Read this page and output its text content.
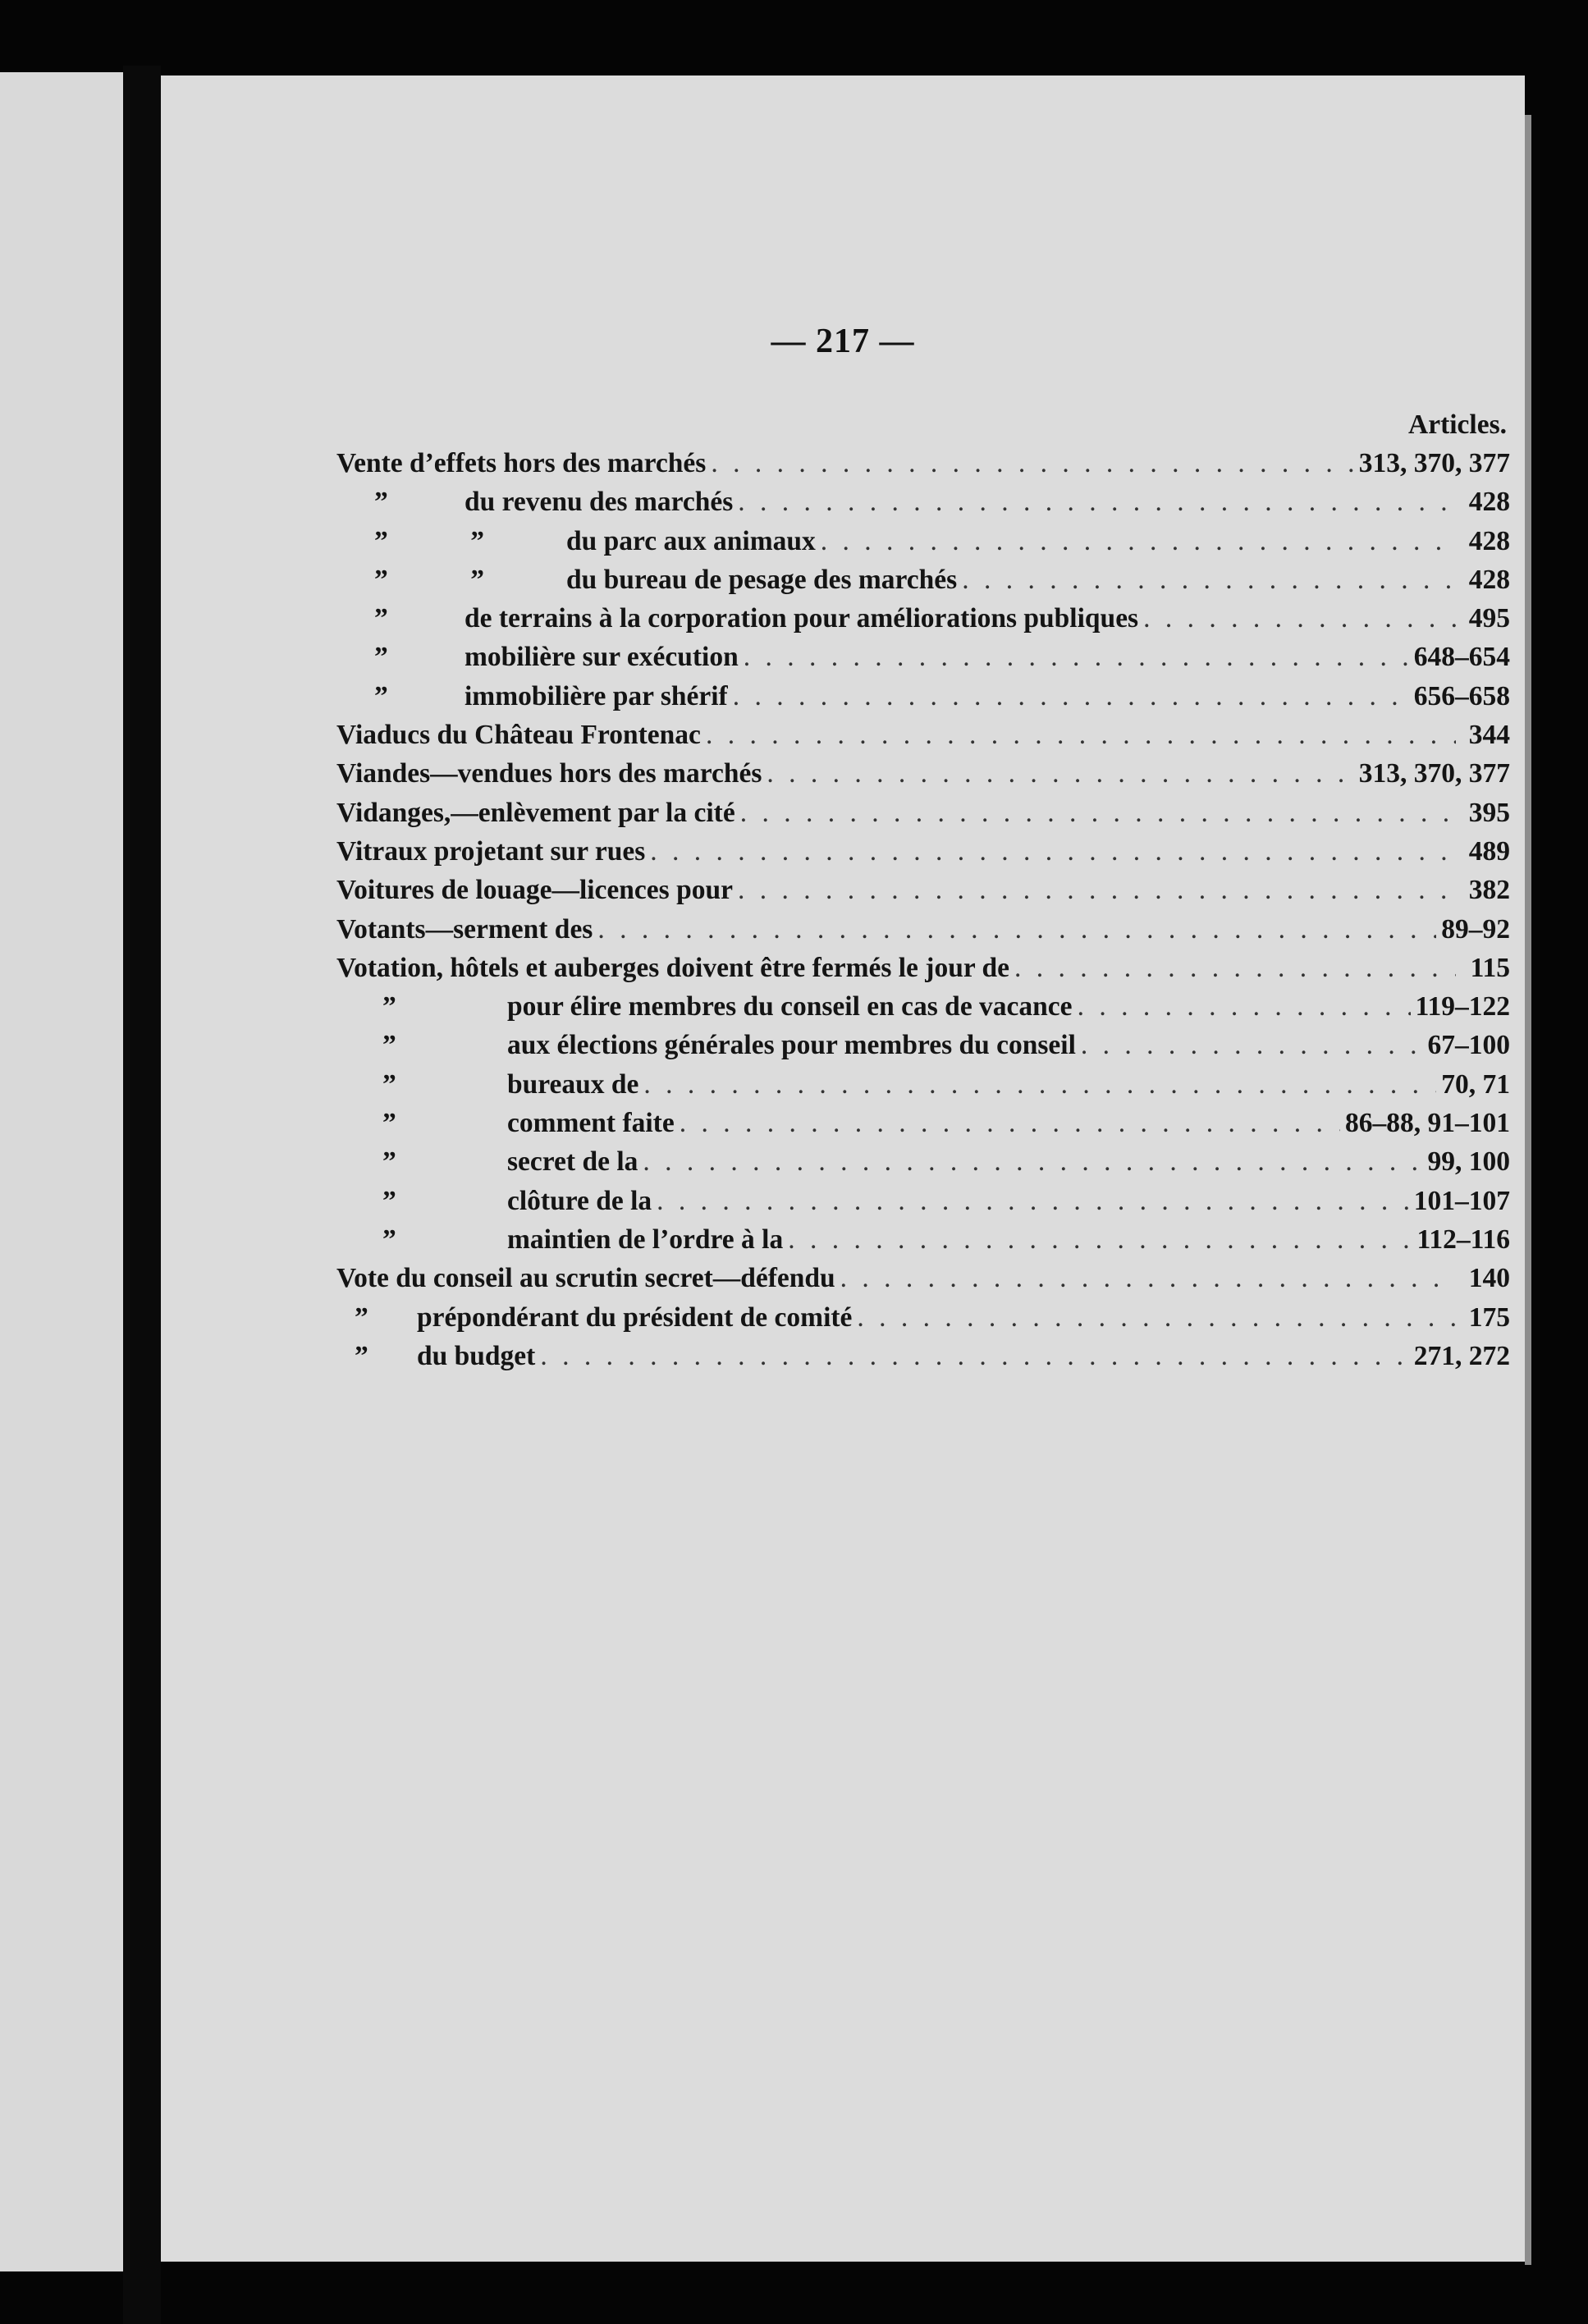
— 217 —
Articles.
Vente d’effets hors des marchés . . .	313, 370, 377
”	du revenu des marchés . . .	428
”            ”	du parc aux animaux . . .	428
”            ”	du bureau de pesage des marchés . . .	428
”	de terrains à la corporation pour améliorations publiques . . .	495
”	mobilière sur exécution . . .	648–654
”	immobilière par shérif . . .	656–658
Viaducs du Château Frontenac . . .	344
Viandes—vendues hors des marchés . . .	313, 370, 377
Vidanges,—enlèvement par la cité . . .	395
Vitraux projetant sur rues . . .	489
Voitures de louage—licences pour . . .	382
Votants—serment des . . .	89–92
Votation, hôtels et auberges doivent être fermés le jour de . . .	115
”	pour élire membres du conseil en cas de vacance . . .	119–122
”	aux élections générales pour membres du conseil . . .	67–100
”	bureaux de . . .	70, 71
”	comment faite . . .	86–88, 91–101
”	secret de la . . .	99, 100
”	clôture de la . . .	101–107
”	maintien de l’ordre à la . . .	112–116
Vote du conseil au scrutin secret—défendu . . .	140
”	prépondérant du président de comité . . .	175
”	du budget . . .	271, 272
